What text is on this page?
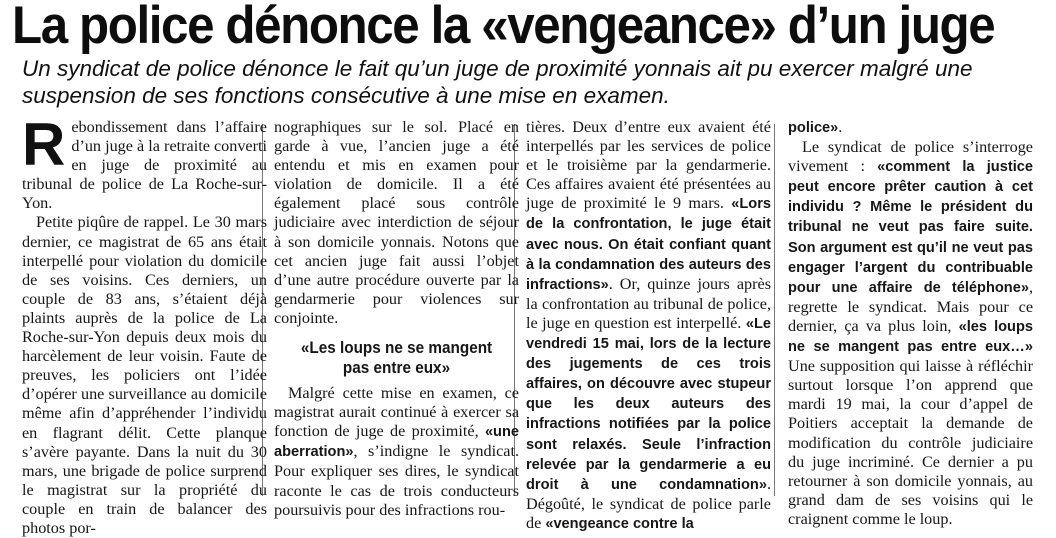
La police dénonce la «vengeance» d’un juge
Un syndicat de police dénonce le fait qu’un juge de proximité yonnais ait pu exercer malgré une suspension de ses fonctions consécutive à une mise en examen.

Rebondissement dans l’affaire d’un juge à la retraite converti en juge de proximité au tribunal de police de La Roche-sur-Yon.

Petite piqûre de rappel. Le 30 mars dernier, ce magistrat de 65 ans était interpellé pour violation du domicile de ses voisins. Ces derniers, un couple de 83 ans, s’étaient déjà plaints auprès de la police de La Roche-sur-Yon depuis deux mois du harcèlement de leur voisin. Faute de preuves, les policiers ont l’idée d’opérer une surveillance au domicile même afin d’appréhender l’individu en flagrant délit. Cette planque s’avère payante. Dans la nuit du 30 mars, une brigade de police surprend le magistrat sur la propriété du couple en train de balancer des photos por-

nographiques sur le sol. Placé en garde à vue, l’ancien juge a été entendu et mis en examen pour violation de domicile. Il a été également placé sous contrôle judiciaire avec interdiction de séjour à son domicile yonnais. Notons que cet ancien juge fait aussi l’objet d’une autre procédure ouverte par la gendarmerie pour violences sur conjointe.

«Les loups ne se mangent pas entre eux»

Malgré cette mise en examen, ce magistrat aurait continué à exercer sa fonction de juge de proximité, «une aberration», s’indigne le syndicat. Pour expliquer ses dires, le syndicat raconte le cas de trois conducteurs poursuivis pour des infractions rou-

tières. Deux d’entre eux avaient été interpellés par les services de police et le troisième par la gendarmerie. Ces affaires avaient été présentées au juge de proximité le 9 mars. «Lors de la confrontation, le juge était avec nous. On était confiant quant à la condamnation des auteurs des infractions». Or, quinze jours après la confrontation au tribunal de police, le juge en question est interpellé. «Le vendredi 15 mai, lors de la lecture des jugements de ces trois affaires, on découvre avec stupeur que les deux auteurs des infractions notifiées par la police sont relaxés. Seule l’infraction relevée par la gendarmerie a eu droit à une condamnation». Dégoûté, le syndicat de police parle de «vengeance contre la

police».

Le syndicat de police s’interroge vivement : «comment la justice peut encore prêter caution à cet individu ? Même le président du tribunal ne veut pas faire suite. Son argument est qu’il ne veut pas engager l’argent du contribuable pour une affaire de téléphone», regrette le syndicat. Mais pour ce dernier, ça va plus loin, «les loups ne se mangent pas entre eux…» Une supposition qui laisse à réfléchir surtout lorsque l’on apprend que mardi 19 mai, la cour d’appel de Poitiers acceptait la demande de modification du contrôle judiciaire du juge incriminé. Ce dernier a pu retourner à son domicile yonnais, au grand dam de ses voisins qui le craignent comme le loup.
